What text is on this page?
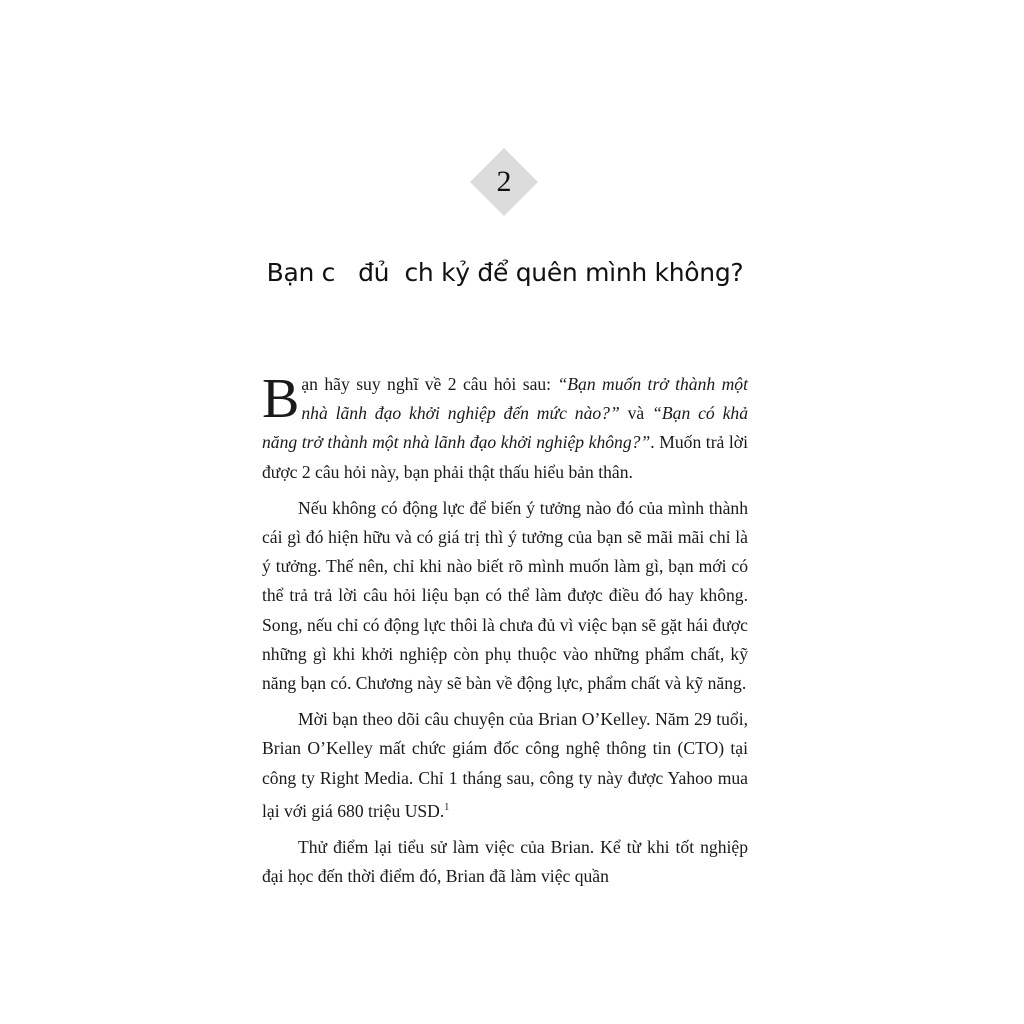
2
Bạn c   đủ  ch kỷ để quên mình không?

Bạn hãy suy nghĩ về 2 câu hỏi sau: “Bạn muốn trở thành một nhà lãnh đạo khởi nghiệp đến mức nào?” và “Bạn có khả năng trở thành một nhà lãnh đạo khởi nghiệp không?”. Muốn trả lời được 2 câu hỏi này, bạn phải thật thấu hiểu bản thân.

Nếu không có động lực để biến ý tưởng nào đó của mình thành cái gì đó hiện hữu và có giá trị thì ý tưởng của bạn sẽ mãi mãi chỉ là ý tưởng. Thế nên, chỉ khi nào biết rõ mình muốn làm gì, bạn mới có thể trả trả lời câu hỏi liệu bạn có thể làm được điều đó hay không. Song, nếu chỉ có động lực thôi là chưa đủ vì việc bạn sẽ gặt hái được những gì khi khởi nghiệp còn phụ thuộc vào những phẩm chất, kỹ năng bạn có. Chương này sẽ bàn về động lực, phẩm chất và kỹ năng.

Mời bạn theo dõi câu chuyện của Brian O’Kelley. Năm 29 tuổi, Brian O’Kelley mất chức giám đốc công nghệ thông tin (CTO) tại công ty Right Media. Chỉ 1 tháng sau, công ty này được Yahoo mua lại với giá 680 triệu USD.$^1$

Thử điểm lại tiểu sử làm việc của Brian. Kể từ khi tốt nghiệp đại học đến thời điểm đó, Brian đã làm việc quần
